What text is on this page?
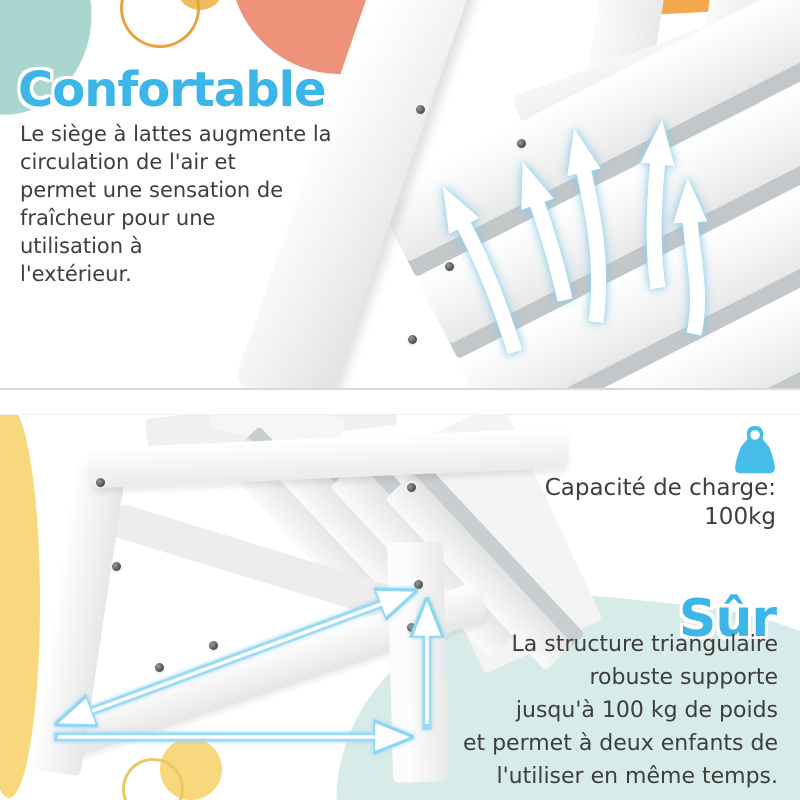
Confortable
Le siège à lattes augmente la
circulation de l'air et
permet une sensation de
fraîcheur pour une
utilisation à
l'extérieur.
Capacité de charge:
100kg
Sûr
La structure triangulaire
robuste supporte
jusqu'à 100 kg de poids
et permet à deux enfants de
l'utiliser en même temps.
